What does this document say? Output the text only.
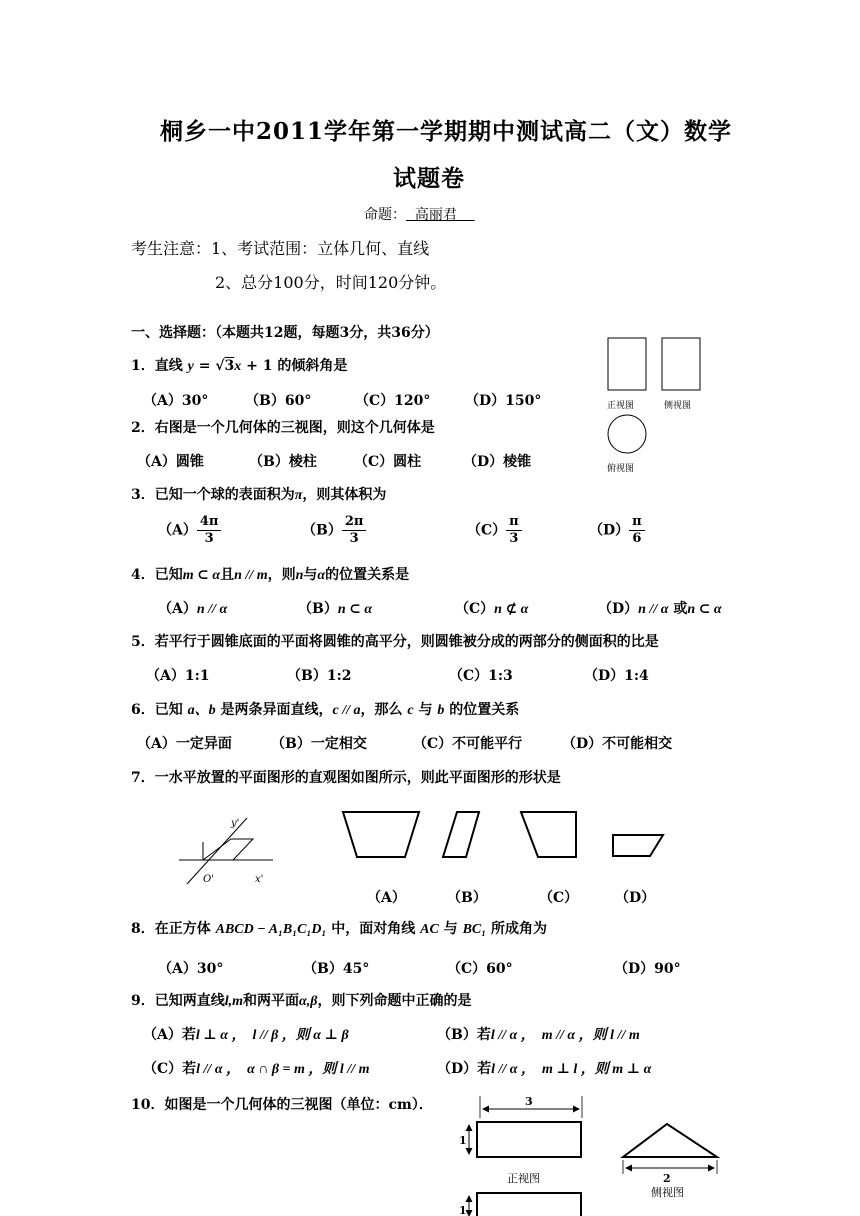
桐乡一中2011学年第一学期期中测试高二（文）数学
试题卷
命题：  高丽君
考生注意：1、考试范围：立体几何、直线
2、总分100分，时间120分钟。
一、选择题：（本题共12题，每题3分，共36分）
1．直线 y = √3x + 1 的倾斜角是
（A）30°	（B）60°	（C）120° （D）150°	正视图	侧视图
俯视图
2．右图是一个几何体的三视图，则这个几何体是
（A）圆锥	（B）棱柱	（C）圆柱	（D）棱锥
3．已知一个球的表面积为π，则其体积为
$(A) \frac{4\pi}{3}$	$(B) \frac{2\pi}{3}$	$(C) \frac{\pi}{3}$	$(D) \frac{\pi}{6}$
4．已知m ⊂ α且n // m，则n与α的位置关系是
（A）n // α	（B）n ⊂ α	（C）n ⊄ α	（D）n // α 或n ⊂ α
5．若平行于圆锥底面的平面将圆锥的高平分，则圆锥被分成的两部分的侧面积的比是
（A）1:1	（B）1:2	（C）1:3	（D）1:4
6．已知 a、b 是两条异面直线，c // a，那么 c 与 b 的位置关系
（A）一定异面	（B）一定相交	（C）不可能平行	（D）不可能相交
7．一水平放置的平面图形的直观图如图所示，则此平面图形的形状是
y'
x'
O'
（A）	（B）	（C）	（D）
8．在正方体 ABCD − A₁B₁C₁D₁ 中，面对角线 AC 与 BC₁ 所成角为
（A）30°	（B）45°	（C）60°	（D）90°
9．已知两直线l,m和两平面α,β，则下列命题中正确的是
（A）若l ⊥ α ，  l // β ，则 α ⊥ β	（B）若l // α ，  m // α ，则 l // m
（C）若l // α ，  α ∩ β = m ，则 l // m	（D）若l // α ，  m ⊥ l ，则 m ⊥ α
10．如图是一个几何体的三视图（单位：cm）．	3
1
正视图	2
侧视图
1
